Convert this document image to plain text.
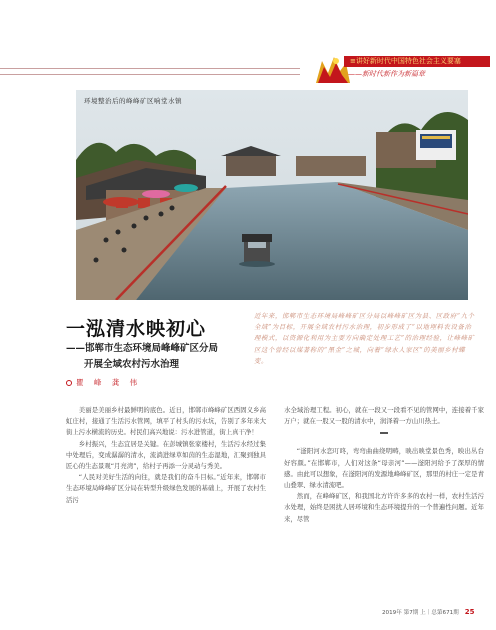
≡讲好新时代中国特色社会主义要塞
——新时代新作为新篇章
环境整治后的峰峰矿区响堂水镇
一泓清水映初心
——邯郸市生态环境局峰峰矿区分局
开展全域农村污水治理
瞿 峰 龚 伟
近年来，邯郸市生态环境局峰峰矿区分局以峰峰矿区为县、区政府“九个全域”为目标，开展全域农村污水治理，初步形成了“以地埋料农设备治理模式，以资源化利用为主要方向确定处理工艺”的治理经验，让峰峰矿区这个曾经以煤著称的“黑金”之城，向着“绿水人家区”的美丽乡村蝶变。

美丽是美丽乡村最鲜明的底色。近日，邯郸市峰峰矿区西固义乡高虹庄村，接通了生活污水管网，填平了村头的污水坑，告别了多年来大街上污水横流的历史。村民们高兴地说：污水进管道，街上真干净！

乡村振兴，生态宜居是关键。在彭城镇张家楼村，生活污水经过集中处理后，变成潺潺的清水，流淌进绿草如茵的生态湿地，汇聚到独具匠心的生态景观“月亮湾”，给村子再添一分灵动与秀美。

“人民对美好生活的向往，就是我们的奋斗目标。”近年来，邯郸市生态环境局峰峰矿区分局在转型升级绿色发展的基础上，开展了农村生活污

水全域治理工程。初心，就在一段又一段看不见的管网中，连接着千家万户；就在一股又一股的清水中，润泽着一方山川热土。

“滏阳河水恋叮咚，弯弯曲曲绕明畴，映出映堂景色秀，映出丛台好容颜。”在邯郸市，人们对这条“母亲河”——滏阳河给予了深厚的情感。由此可以想象，在滏阳河的发源地峰峰矿区，那里的村庄一定是青山叠翠、绿水清流吧。

然而，在峰峰矿区，和我国北方许许多多的农村一样，农村生活污水处理，始终是困扰人居环境和生态环境提升的一个普遍性问题。近年来，尽管

2019年 第7期 上｜总第671期 25
